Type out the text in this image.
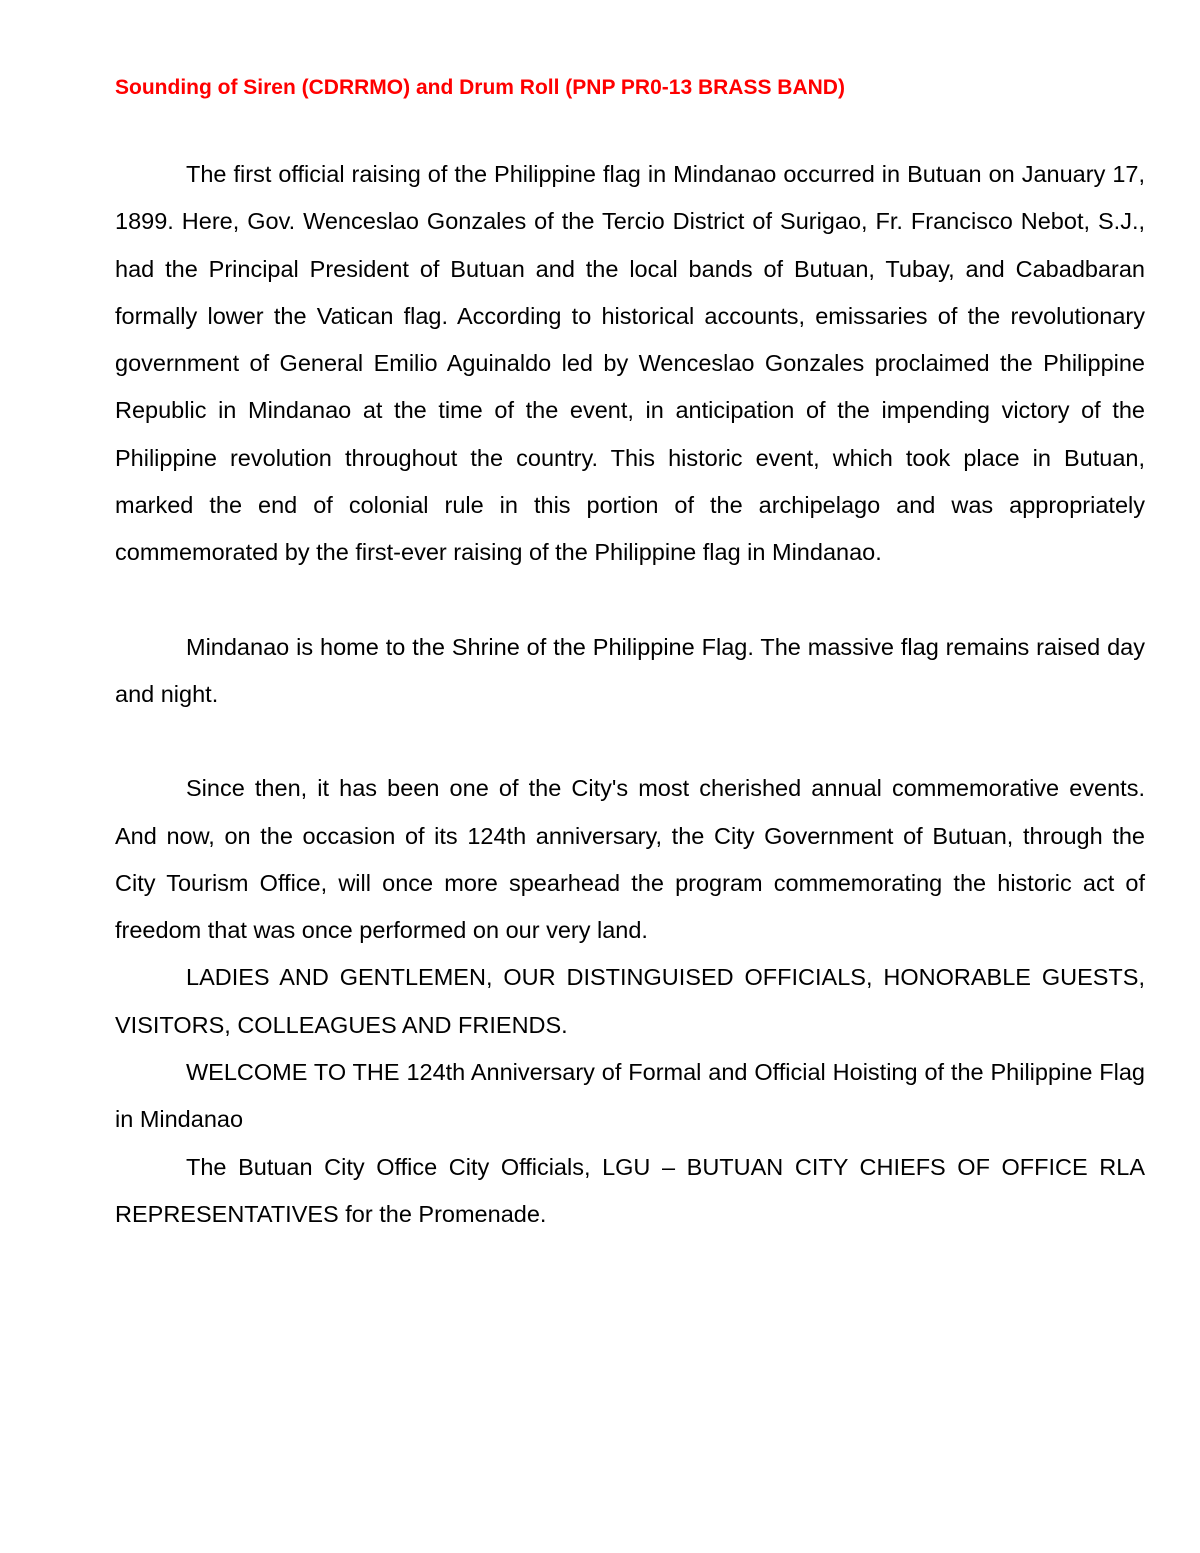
Sounding of Siren (CDRRMO) and Drum Roll (PNP PR0-13 BRASS BAND)

The first official raising of the Philippine flag in Mindanao occurred in Butuan on January 17, 1899. Here, Gov. Wenceslao Gonzales of the Tercio District of Surigao, Fr. Francisco Nebot, S.J., had the Principal President of Butuan and the local bands of Butuan, Tubay, and Cabadbaran formally lower the Vatican flag. According to historical accounts, emissaries of the revolutionary government of General Emilio Aguinaldo led by Wenceslao Gonzales proclaimed the Philippine Republic in Mindanao at the time of the event, in anticipation of the impending victory of the Philippine revolution throughout the country. This historic event, which took place in Butuan, marked the end of colonial rule in this portion of the archipelago and was appropriately commemorated by the first-ever raising of the Philippine flag in Mindanao.

Mindanao is home to the Shrine of the Philippine Flag. The massive flag remains raised day and night.

Since then, it has been one of the City's most cherished annual commemorative events. And now, on the occasion of its 124th anniversary, the City Government of Butuan, through the City Tourism Office, will once more spearhead the program commemorating the historic act of freedom that was once performed on our very land.

LADIES AND GENTLEMEN, OUR DISTINGUISED OFFICIALS, HONORABLE GUESTS, VISITORS, COLLEAGUES AND FRIENDS.

WELCOME TO THE 124th Anniversary of Formal and Official Hoisting of the Philippine Flag in Mindanao

The Butuan City Office City Officials, LGU – BUTUAN CITY CHIEFS OF OFFICE RLA REPRESENTATIVES for the Promenade.
